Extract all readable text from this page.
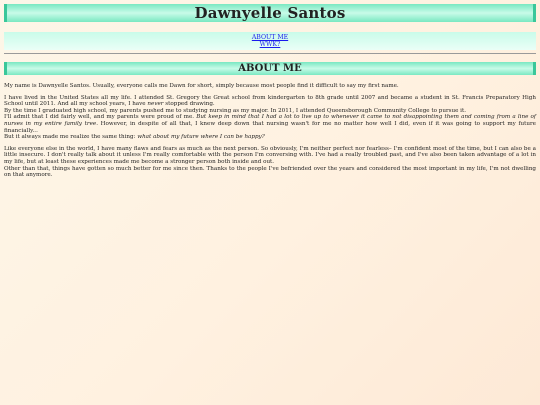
Dawnyelle Santos
ABOUT ME
WWK?
ABOUT ME

My name is Dawnyelle Santos. Usually, everyone calls me Dawn for short, simply because most people find it difficult to say my first name.

I have lived in the United States all my life. I attended St. Gregory the Great school from kindergarten to 8th grade until 2007 and became a student in St. Francis Preparatory High School until 2011. And all my school years, I have never stopped drawing.

By the time I graduated high school, my parents pushed me to studying nursing as my major. In 2011, I attended Queensborough Community College to pursue it.

I'll admit that I did fairly well, and my parents were proud of me. But keep in mind that I had a lot to live up to whenever it came to not disappointing them and coming from a line of nurses in my entire family tree. However, in despite of all that, I knew deep down that nursing wasn't for me no matter how well I did, even if it was going to support my future financially...

But it always made me realize the same thing: what about my future where I can be happy?

Like everyone else in the world, I have many flaws and fears as much as the next person. So obviously, I'm neither perfect nor fearless– I'm confident most of the time, but I can also be a little insecure. I don't really talk about it unless I'm really comfortable with the person I'm conversing with. I've had a really troubled past, and I've also been taken advantage of a lot in my life, but at least these experiences made me become a stronger person both inside and out.

Other than that, things have gotten so much better for me since then. Thanks to the people I've befriended over the years and considered the most important in my life, I'm not dwelling on that anymore.
